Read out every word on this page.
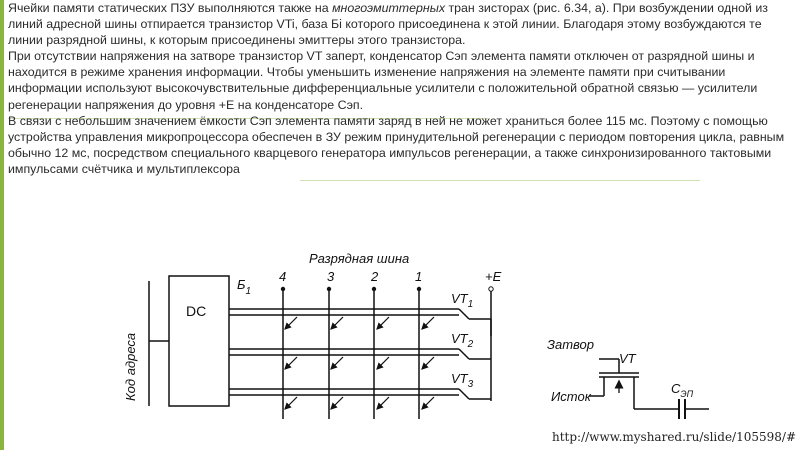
Ячейки памяти статических ПЗУ выполняются также на многоэмиттерных тран зисторах (рис. 6.34, а). При возбуждении одной из линий адресной шины отпирается транзистор VTi, база Бi которого присоединена к этой линии. Благодаря этому возбуждаются те линии разрядной шины, к которым присоединены эмиттеры этого транзистора.

При отсутствии напряжения на затворе транзистор VT заперт, конденсатор Сэп элемента памяти отключен от разрядной шины и находится в режиме хранения информации. Чтобы уменьшить изменение напряжения на элементе памяти при считывании информации используют высокочувствительные дифференциальные усилители с положительной обратной связью — усилители регенерации напряжения до уровня +Е на конденсаторе Сэп.

В связи с небольшим значением ёмкости Сэп элемента памяти заряд в ней не может храниться более 115 мс. Поэтому с помощью устройства управления микропроцессора обеспечен в ЗУ режим принудительной регенерации с периодом повторения цикла, равным обычно 12 мс, посредством специального кварцевого генератора импульсов регенерации, а также синхронизированного тактовыми импульсами счётчика и мультиплексора

Разрядная шина
Код адреса
DC
$Б_1$
4	3	2	1	+E
$VT_1$
$VT_2$
$VT_3$
Затвор
Исток
VT
$С_{ЭП}$
http://www.myshared.ru/slide/105598/#
